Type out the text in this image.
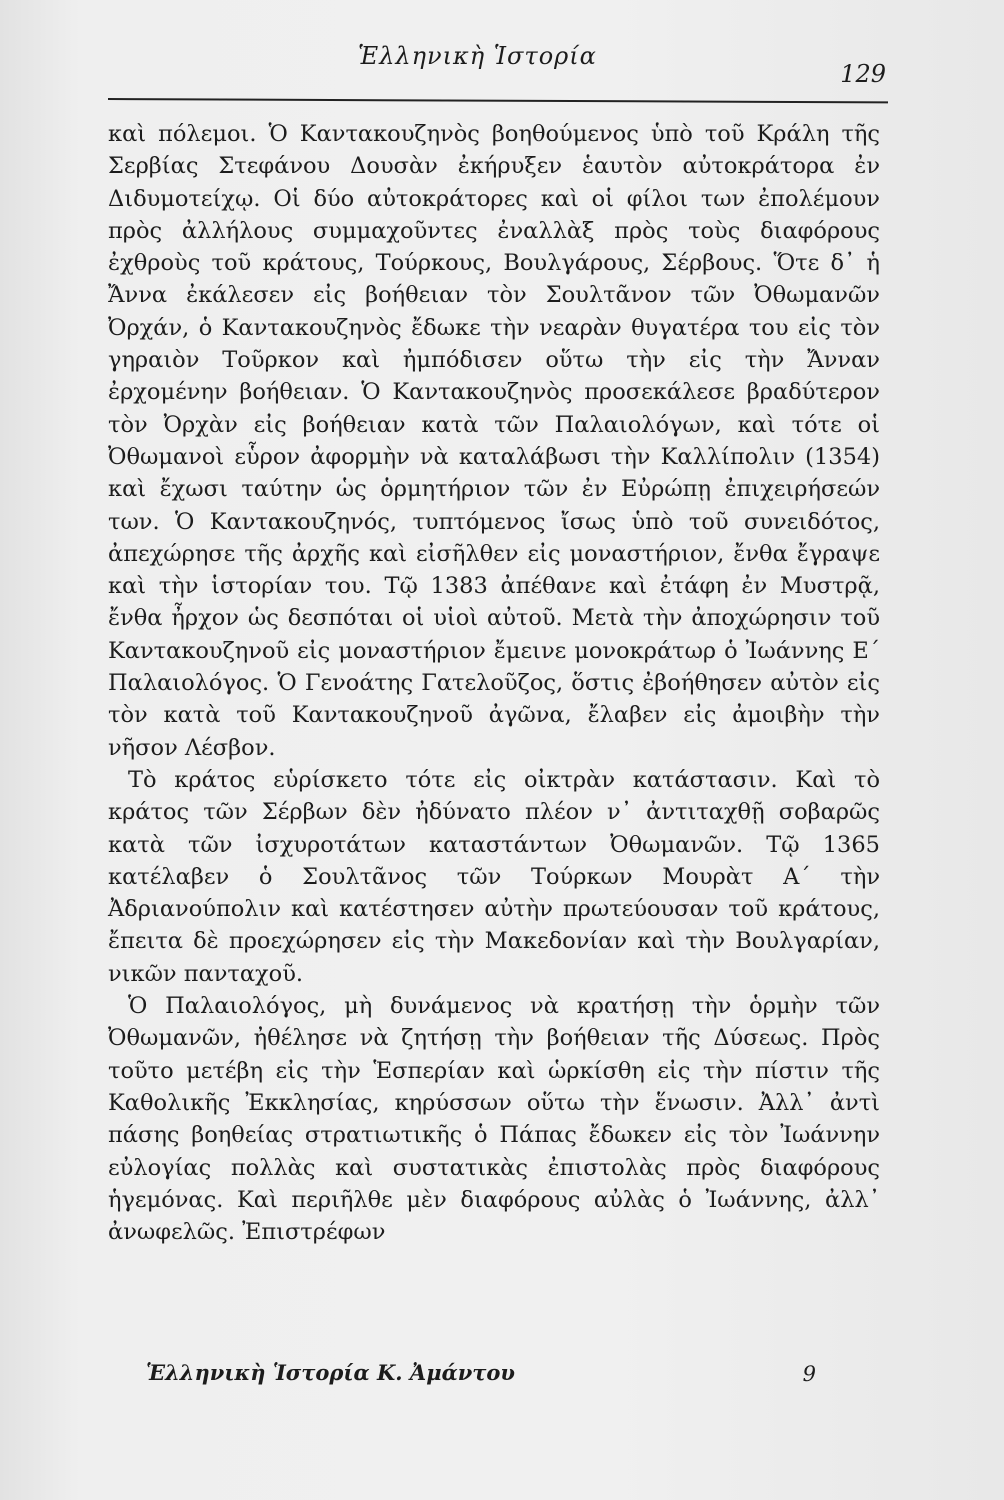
Ἑλληνικὴ Ἱστορία
129

καὶ πόλεμοι. Ὁ Καντακουζηνὸς βοηθούμενος ὑπὸ τοῦ Κράλη τῆς Σερβίας Στεφάνου Δουσὰν ἐκήρυξεν ἑαυτὸν αὐτοκράτορα ἐν Διδυμοτείχῳ. Οἱ δύο αὐτοκράτορες καὶ οἱ φίλοι των ἐπολέμουν πρὸς ἀλλήλους συμμαχοῦντες ἐναλλὰξ πρὸς τοὺς διαφόρους ἐχθροὺς τοῦ κράτους, Τούρκους, Βουλγάρους, Σέρβους. Ὅτε δ᾽ ἡ Ἄννα ἐκάλεσεν εἰς βοήθειαν τὸν Σουλτᾶνον τῶν Ὀθωμανῶν Ὀρχάν, ὁ Καντακουζηνὸς ἔδωκε τὴν νεαρὰν θυγατέρα του εἰς τὸν γηραιὸν Τοῦρκον καὶ ἠμπόδισεν οὕτω τὴν εἰς τὴν Ἄνναν ἐρχομένην βοήθειαν. Ὁ Καντακουζηνὸς προσεκάλεσε βραδύτερον τὸν Ὀρχὰν εἰς βοήθειαν κατὰ τῶν Παλαιολόγων, καὶ τότε οἱ Ὀθωμανοὶ εὗρον ἀφορμὴν νὰ καταλάβωσι τὴν Καλλίπολιν (1354) καὶ ἔχωσι ταύτην ὡς ὁρμητήριον τῶν ἐν Εὐρώπῃ ἐπιχειρήσεών των. Ὁ Καντακουζηνός, τυπτόμενος ἴσως ὑπὸ τοῦ συνειδότος, ἀπεχώρησε τῆς ἀρχῆς καὶ εἰσῆλθεν εἰς μοναστήριον, ἔνθα ἔγραψε καὶ τὴν ἱστορίαν του. Τῷ 1383 ἀπέθανε καὶ ἐτάφη ἐν Μυστρᾷ, ἔνθα ἦρχον ὡς δεσπόται οἱ υἱοὶ αὐτοῦ. Μετὰ τὴν ἀποχώρησιν τοῦ Καντακουζηνοῦ εἰς μοναστήριον ἔμεινε μονοκράτωρ ὁ Ἰωάννης Ε΄ Παλαιολόγος. Ὁ Γενοάτης Γατελοῦζος, ὅστις ἐβοήθησεν αὐτὸν εἰς τὸν κατὰ τοῦ Καντακουζηνοῦ ἀγῶνα, ἔλαβεν εἰς ἀμοιβὴν τὴν νῆσον Λέσβον.

Τὸ κράτος εὑρίσκετο τότε εἰς οἰκτρὰν κατάστασιν. Καὶ τὸ κράτος τῶν Σέρβων δὲν ἠδύνατο πλέον ν᾽ ἀντιταχθῇ σοβαρῶς κατὰ τῶν ἰσχυροτάτων καταστάντων Ὀθωμανῶν. Τῷ 1365 κατέλαβεν ὁ Σουλτᾶνος τῶν Τούρκων Μουρὰτ Α΄ τὴν Ἀδριανούπολιν καὶ κατέστησεν αὐτὴν πρωτεύουσαν τοῦ κράτους, ἔπειτα δὲ προεχώρησεν εἰς τὴν Μακεδονίαν καὶ τὴν Βουλγαρίαν, νικῶν πανταχοῦ.

Ὁ Παλαιολόγος, μὴ δυνάμενος νὰ κρατήσῃ τὴν ὁρμὴν τῶν Ὀθωμανῶν, ἠθέλησε νὰ ζητήσῃ τὴν βοήθειαν τῆς Δύσεως. Πρὸς τοῦτο μετέβη εἰς τὴν Ἑσπερίαν καὶ ὡρκίσθη εἰς τὴν πίστιν τῆς Καθολικῆς Ἐκκλησίας, κηρύσσων οὕτω τὴν ἕνωσιν. Ἀλλ᾽ ἀντὶ πάσης βοηθείας στρατιωτικῆς ὁ Πάπας ἔδωκεν εἰς τὸν Ἰωάννην εὐλογίας πολλὰς καὶ συστατικὰς ἐπιστολὰς πρὸς διαφόρους ἡγεμόνας. Καὶ περιῆλθε μὲν διαφόρους αὐλὰς ὁ Ἰωάννης, ἀλλ᾽ ἀνωφελῶς. Ἐπιστρέφων

Ἑλληνικὴ Ἱστορία Κ. Ἀμάντου	9
